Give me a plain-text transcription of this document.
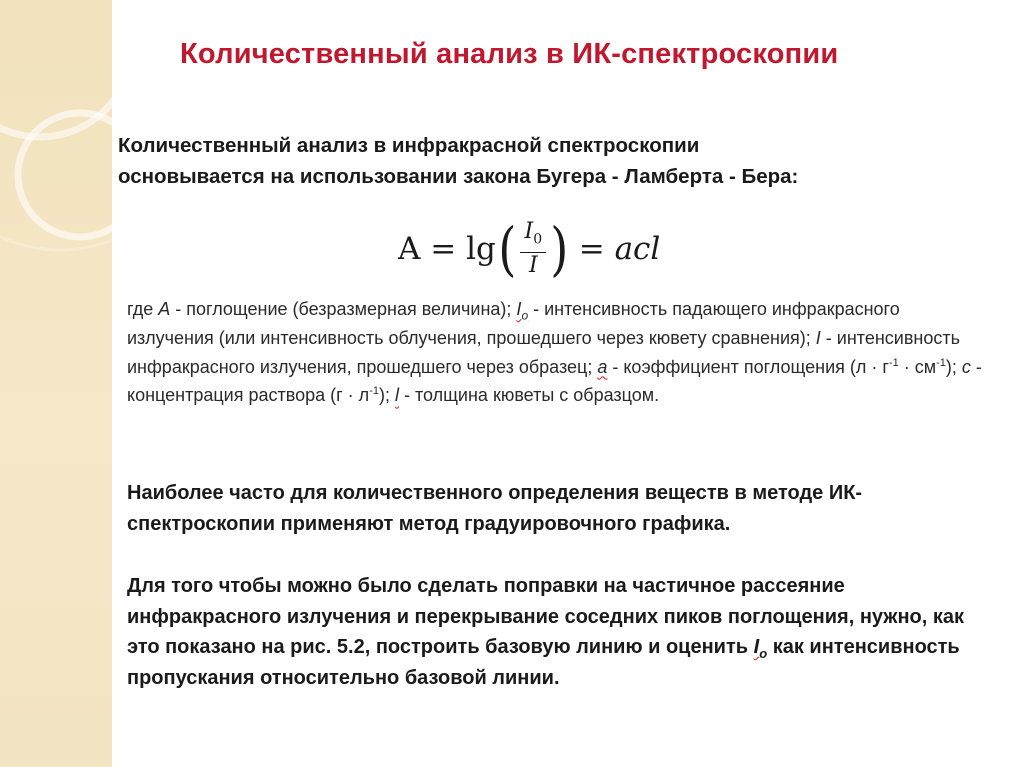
Количественный анализ в ИК-спектроскопии

Количественный анализ в инфракрасной спектроскопии
основывается на использовании закона Бугера - Ламберта - Бера:

A = lg ( $\frac{I_0}{I}$ ) = acl

где A - поглощение (безразмерная величина); $I_o$ - интенсивность падающего инфракрасного излучения (или интенсивность облучения, прошедшего через кювету сравнения); I - интенсивность инфракрасного излучения, прошедшего через образец; a - коэффициент поглощения $(л \cdot г^{-1} \cdot см^{-1})$; c - концентрация раствора $(г \cdot л^{-1})$; l - толщина кюветы с образцом.

Наиболее часто для количественного определения веществ в методе ИК-спектроскопии применяют метод градуировочного графика.

Для того чтобы можно было сделать поправки на частичное рассеяние инфракрасного излучения и перекрывание соседних пиков поглощения, нужно, как это показано на рис. 5.2, построить базовую линию и оценить $I_o$ как интенсивность пропускания относительно базовой линии.
